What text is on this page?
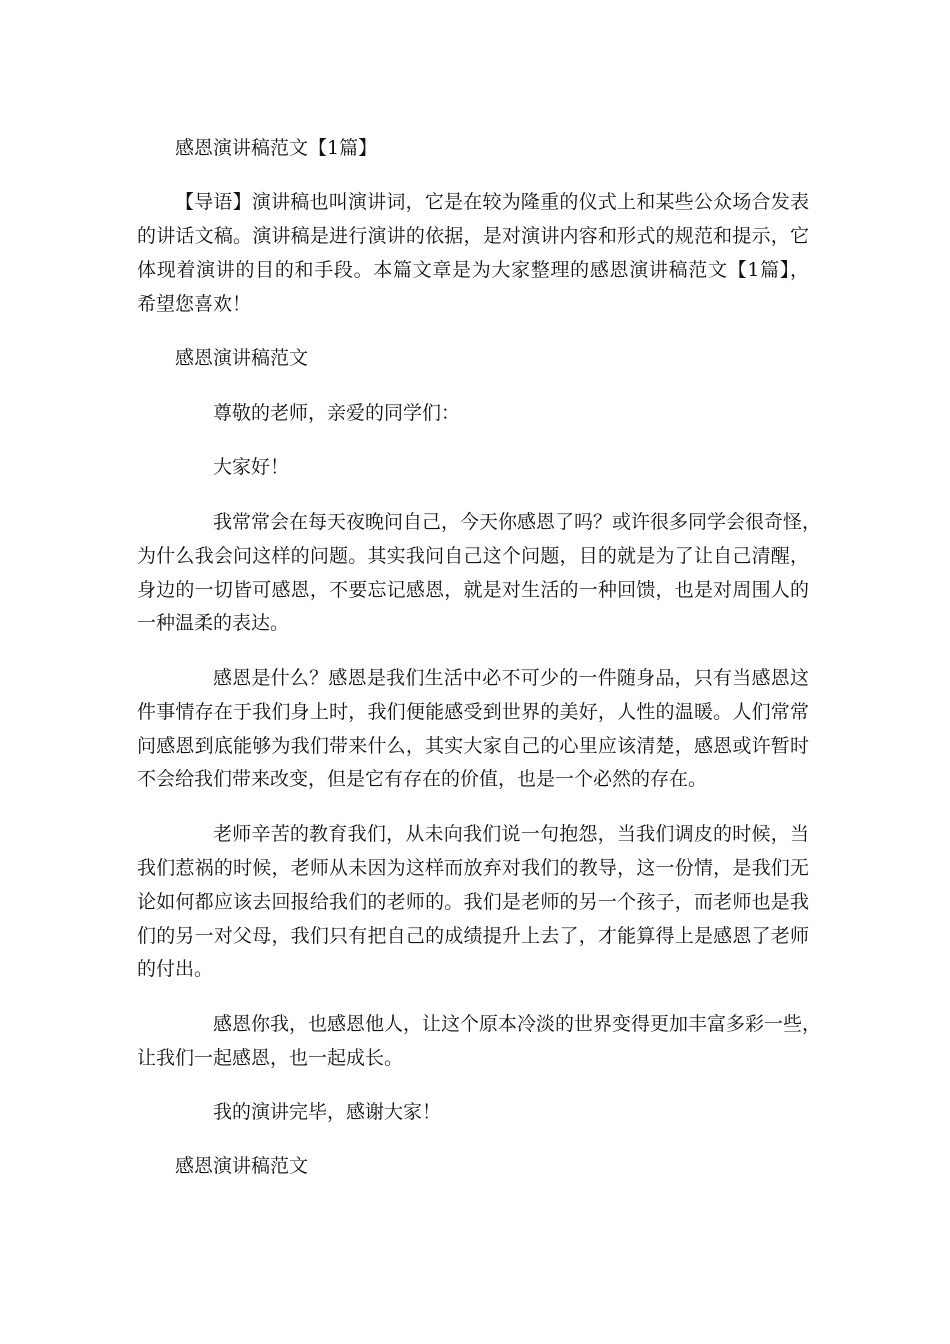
感恩演讲稿范文【1篇】
【导语】演讲稿也叫演讲词，它是在较为隆重的仪式上和某些公众场合发表
的讲话文稿。演讲稿是进行演讲的依据，是对演讲内容和形式的规范和提示，它
体现着演讲的目的和手段。本篇文章是为大家整理的感恩演讲稿范文【1篇】，
希望您喜欢！
感恩演讲稿范文
尊敬的老师，亲爱的同学们：
大家好！
我常常会在每天夜晚问自己，今天你感恩了吗？或许很多同学会很奇怪，
为什么我会问这样的问题。其实我问自己这个问题，目的就是为了让自己清醒，
身边的一切皆可感恩，不要忘记感恩，就是对生活的一种回馈，也是对周围人的
一种温柔的表达。
感恩是什么？感恩是我们生活中必不可少的一件随身品，只有当感恩这
件事情存在于我们身上时，我们便能感受到世界的美好，人性的温暖。人们常常
问感恩到底能够为我们带来什么，其实大家自己的心里应该清楚，感恩或许暂时
不会给我们带来改变，但是它有存在的价值，也是一个必然的存在。
老师辛苦的教育我们，从未向我们说一句抱怨，当我们调皮的时候，当
我们惹祸的时候，老师从未因为这样而放弃对我们的教导，这一份情，是我们无
论如何都应该去回报给我们的老师的。我们是老师的另一个孩子，而老师也是我
们的另一对父母，我们只有把自己的成绩提升上去了，才能算得上是感恩了老师
的付出。
感恩你我，也感恩他人，让这个原本冷淡的世界变得更加丰富多彩一些，
让我们一起感恩，也一起成长。
我的演讲完毕，感谢大家！
感恩演讲稿范文
